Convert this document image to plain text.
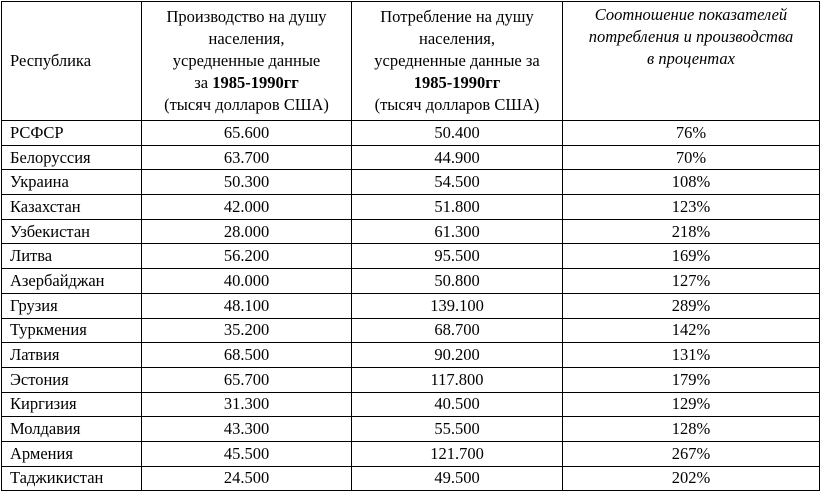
Республика	Производство на душу
населения,
усредненные данные
за 1985-1990гг
(тысяч долларов США)	Потребление на душу
населения,
усредненные данные за
1985-1990гг
(тысяч долларов США)	Соотношение показателей
потребления и производства
в процентах
РСФСР	65.600	50.400	76%
Белоруссия	63.700	44.900	70%
Украина	50.300	54.500	108%
Казахстан	42.000	51.800	123%
Узбекистан	28.000	61.300	218%
Литва	56.200	95.500	169%
Азербайджан	40.000	50.800	127%
Грузия	48.100	139.100	289%
Туркмения	35.200	68.700	142%
Латвия	68.500	90.200	131%
Эстония	65.700	117.800	179%
Киргизия	31.300	40.500	129%
Молдавия	43.300	55.500	128%
Армения	45.500	121.700	267%
Таджикистан	24.500	49.500	202%
